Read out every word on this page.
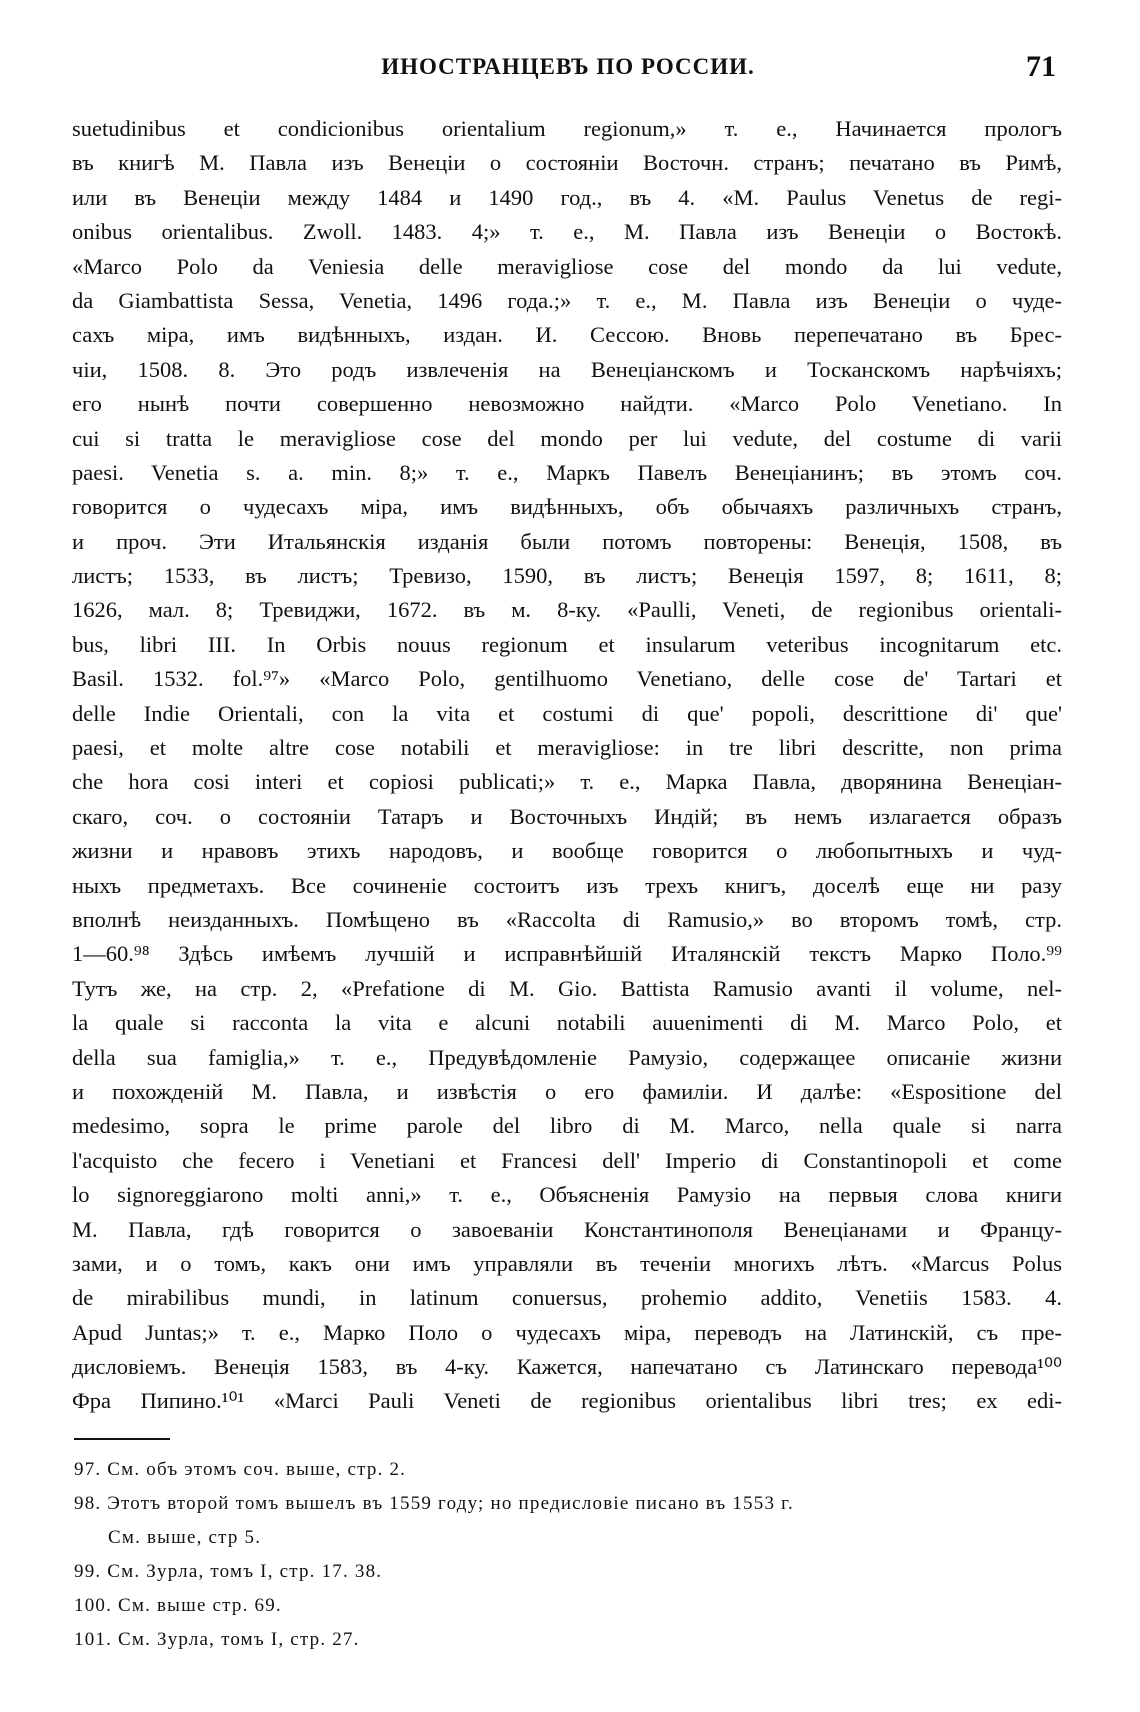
ИНОСТРАНЦЕВЪ ПО РОССИИ.	71
suetudinibus et condicionibus orientalium regionum,» т. е., Начинается прологъ
въ книгѣ М. Павла изъ Венеціи о состояніи Восточн. странъ; печатано въ Римѣ,
или въ Венеціи между 1484 и 1490 год., въ 4. «М. Paulus Venetus de regi-
onibus orientalibus. Zwoll. 1483. 4;» т. е., М. Павла изъ Венеціи о Востокѣ.
«Marco Polo da Veniesia delle meravigliose cose del mondo da lui vedute,
da Giambattista Sessa, Venetia, 1496 года.;» т. е., М. Павла изъ Венеціи о чуде-
сахъ міра, имъ видѣнныхъ, издан. И. Сессою. Вновь перепечатано въ Брес-
чіи, 1508. 8. Это родъ извлеченія на Венеціанскомъ и Тосканскомъ нарѣчіяхъ;
его нынѣ почти совершенно невозможно найдти. «Marco Polo Venetiano. In
cui si tratta le meravigliose cose del mondo per lui vedute, del costume di varii
paesi. Venetia s. a. min. 8;» т. е., Маркъ Павелъ Венеціанинъ; въ этомъ соч.
говорится о чудесахъ міра, имъ видѣнныхъ, объ обычаяхъ различныхъ странъ,
и проч. Эти Итальянскія изданія были потомъ повторены: Венеція, 1508, въ
листъ; 1533, въ листъ; Тревизо, 1590, въ листъ; Венеція 1597, 8; 1611, 8;
1626, мал. 8; Тревиджи, 1672. въ м. 8-ку. «Paulli, Veneti, de regionibus orientali-
bus, libri III. In Orbis nouus regionum et insularum veteribus incognitarum etc.
Basil. 1532. fol.⁹⁷» «Marco Polo, gentilhuomo Venetiano, delle cose de' Tartari et
delle Indie Orientali, con la vita et costumi di que' popoli, descrittione di' que'
paesi, et molte altre cose notabili et meravigliose: in tre libri descritte, non prima
che hora cosi interi et copiosi publicati;» т. е., Марка Павла, дворянина Венеціан-
скаго, соч. о состояніи Татаръ и Восточныхъ Индій; въ немъ излагается образъ
жизни и нравовъ этихъ народовъ, и вообще говорится о любопытныхъ и чуд-
ныхъ предметахъ. Все сочиненіе состоитъ изъ трехъ книгъ, доселѣ еще ни разу
вполнѣ неизданныхъ. Помѣщено въ «Raccolta di Ramusio,» во второмъ томѣ, стр.
1—60.⁹⁸ Здѣсь имѣемъ лучшій и исправнѣйшій Италянскій текстъ Марко Поло.⁹⁹
Тутъ же, на стр. 2, «Prefatione di M. Gio. Battista Ramusio avanti il volume, nel-
la quale si racconta la vita e alcuni notabili auuenimenti di M. Marco Polo, et
della sua famiglia,» т. е., Предувѣдомленіе Рамузіо, содержащее описаніе жизни
и похожденій М. Павла, и извѣстія о его фамиліи. И далѣе: «Espositione del
medesimo, sopra le prime parole del libro di M. Marco, nella quale si narra
l'acquisto che fecero i Venetiani et Francesi dell' Imperio di Constantinopoli et come
lo signoreggiarono molti anni,» т. е., Объясненія Рамузіо на первыя слова книги
М. Павла, гдѣ говорится о завоеваніи Константинополя Венеціанами и Францу-
зами, и о томъ, какъ они имъ управляли въ теченіи многихъ лѣтъ. «Marcus Polus
de mirabilibus mundi, in latinum conuersus, prohemio addito, Venetiis 1583. 4.
Apud Juntas;» т. е., Марко Поло о чудесахъ міра, переводъ на Латинскій, съ пре-
дисловіемъ. Венеція 1583, въ 4-ку. Кажется, напечатано съ Латинскаго перевода¹⁰⁰
Фра Пипино.¹⁰¹ «Marci Pauli Veneti de regionibus orientalibus libri tres; ex edi-
97. См. объ этомъ соч. выше, стр. 2.
98. Этотъ второй томъ вышелъ въ 1559 году; но предисловіе писано въ 1553 г.
См. выше, стр 5.
99. См. Зурла, томъ I, стр. 17. 38.
100. См. выше стр. 69.
101. См. Зурла, томъ I, стр. 27.
